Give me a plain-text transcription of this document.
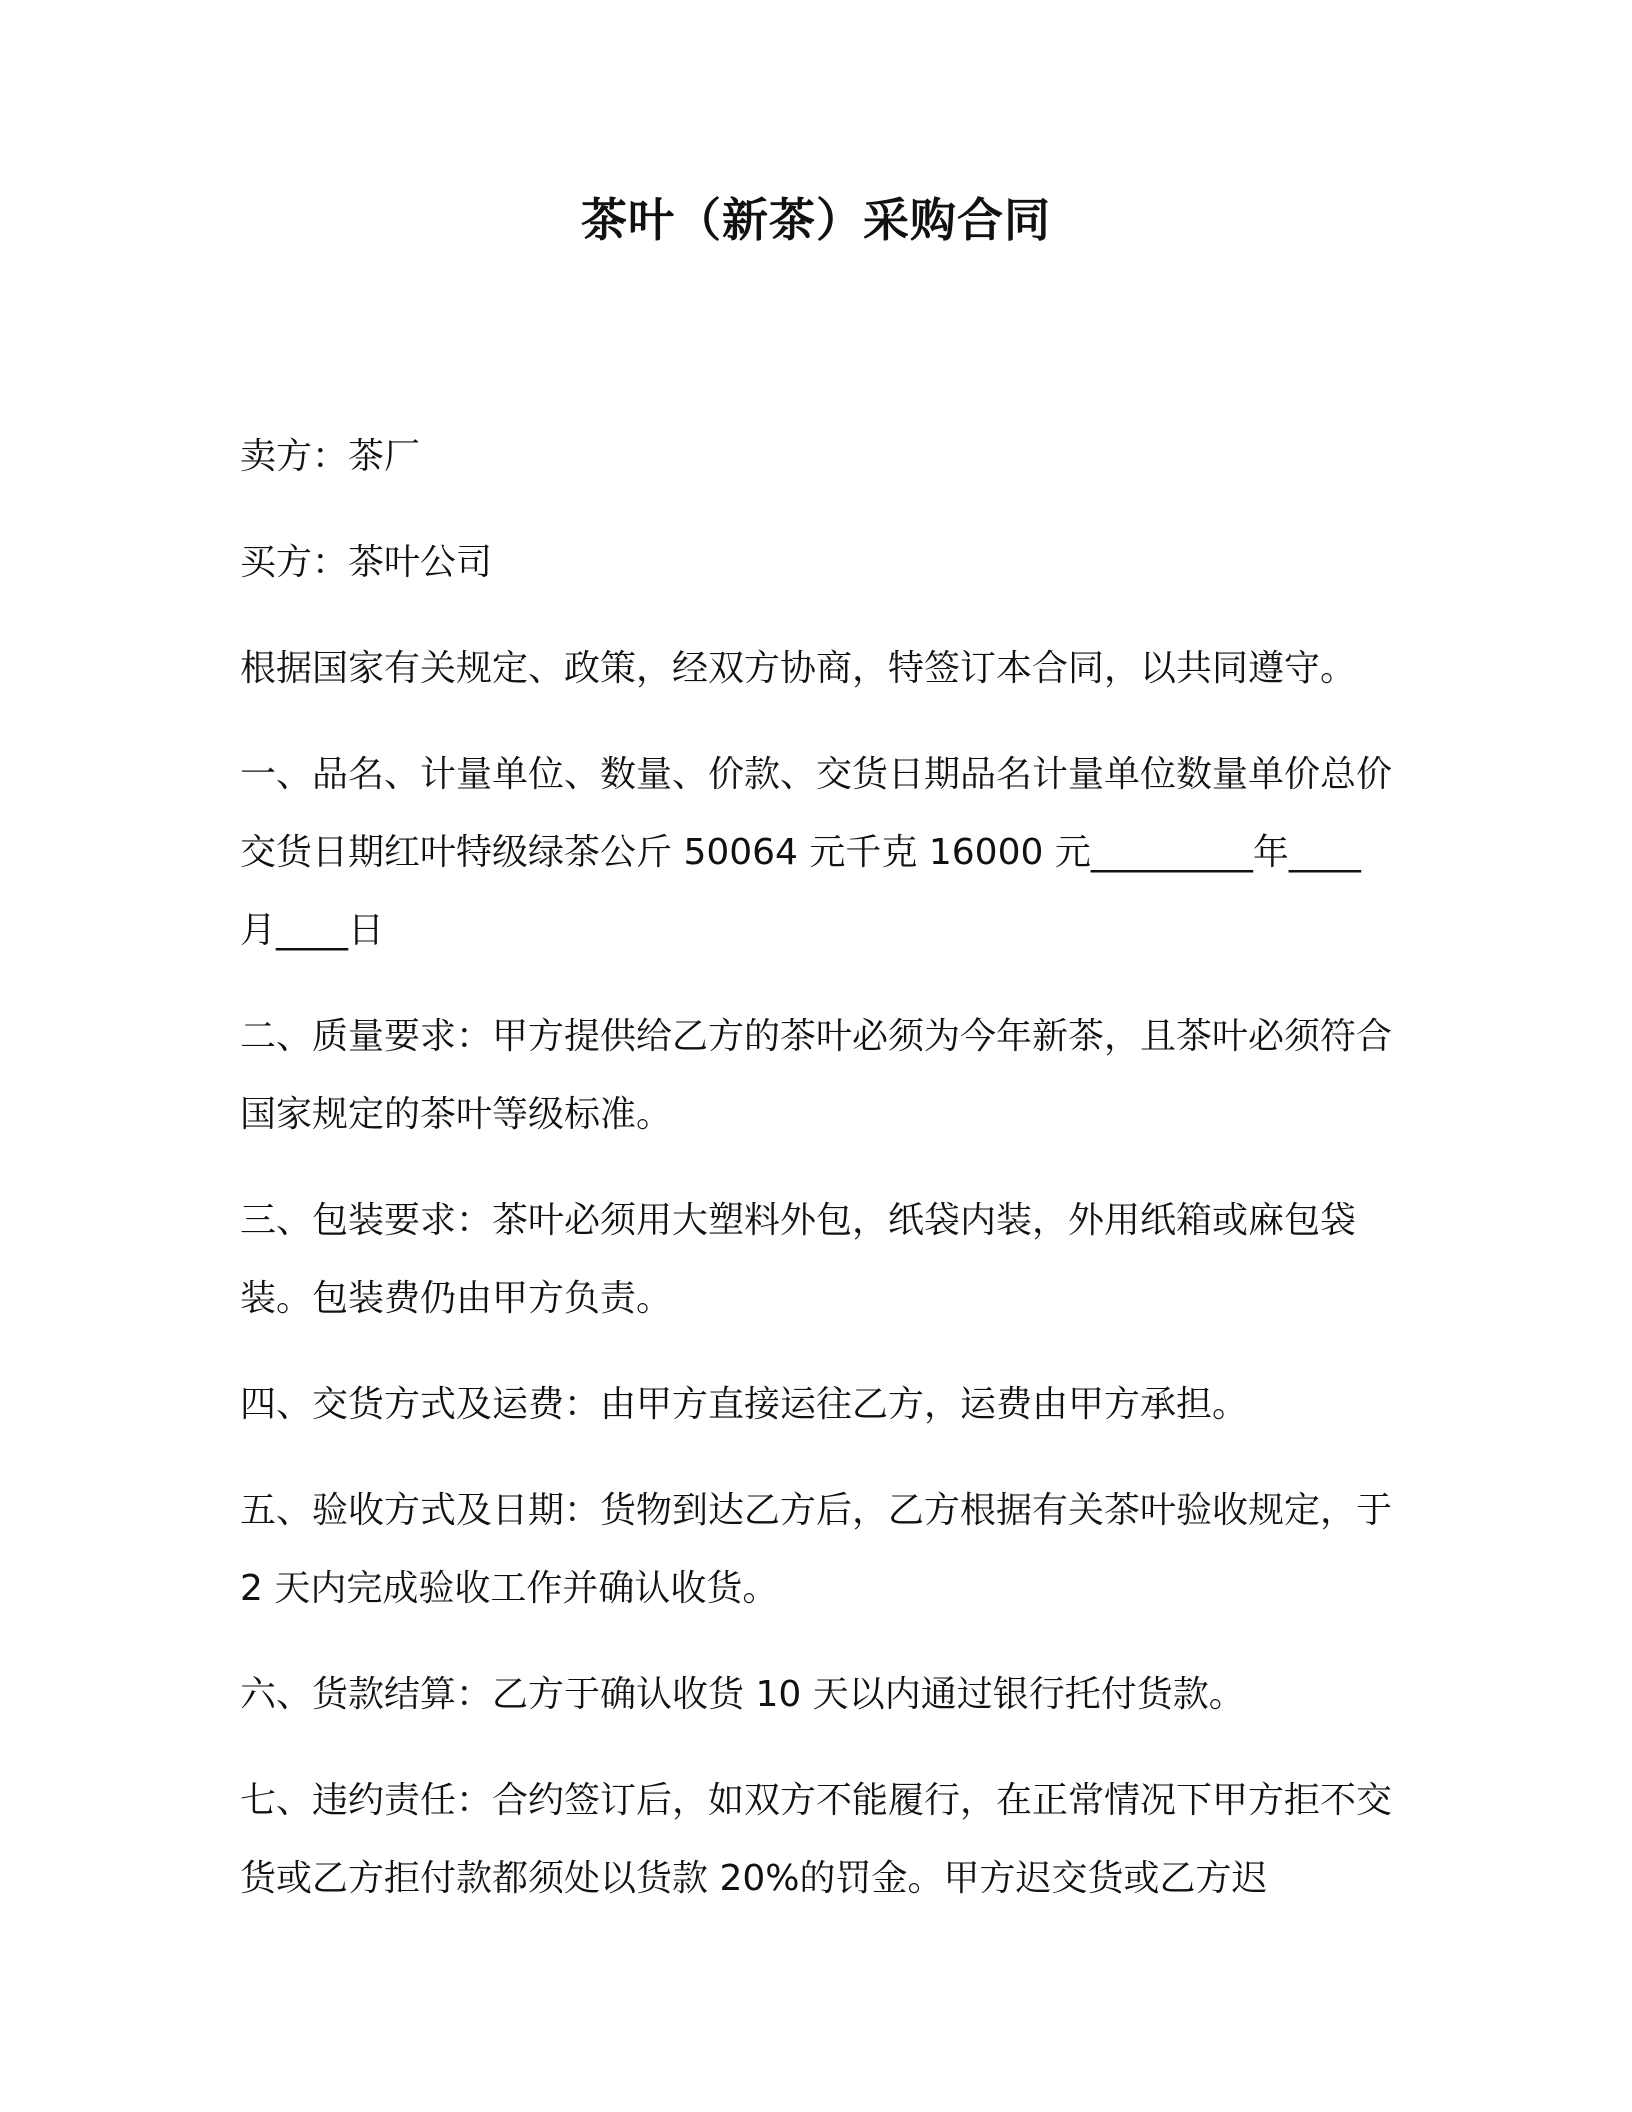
茶叶（新茶）采购合同

卖方：茶厂

买方：茶叶公司

根据国家有关规定、政策，经双方协商，特签订本合同，以共同遵守。

一、品名、计量单位、数量、价款、交货日期品名计量单位数量单价总价交货日期红叶特级绿茶公斤 50064 元千克 16000 元_________年____月____日

二、质量要求：甲方提供给乙方的茶叶必须为今年新茶，且茶叶必须符合国家规定的茶叶等级标准。

三、包装要求：茶叶必须用大塑料外包，纸袋内装，外用纸箱或麻包袋装。包装费仍由甲方负责。

四、交货方式及运费：由甲方直接运往乙方，运费由甲方承担。

五、验收方式及日期：货物到达乙方后，乙方根据有关茶叶验收规定，于 2 天内完成验收工作并确认收货。

六、货款结算：乙方于确认收货 10 天以内通过银行托付货款。

七、违约责任：合约签订后，如双方不能履行，在正常情况下甲方拒不交货或乙方拒付款都须处以货款 20%的罚金。甲方迟交货或乙方迟
